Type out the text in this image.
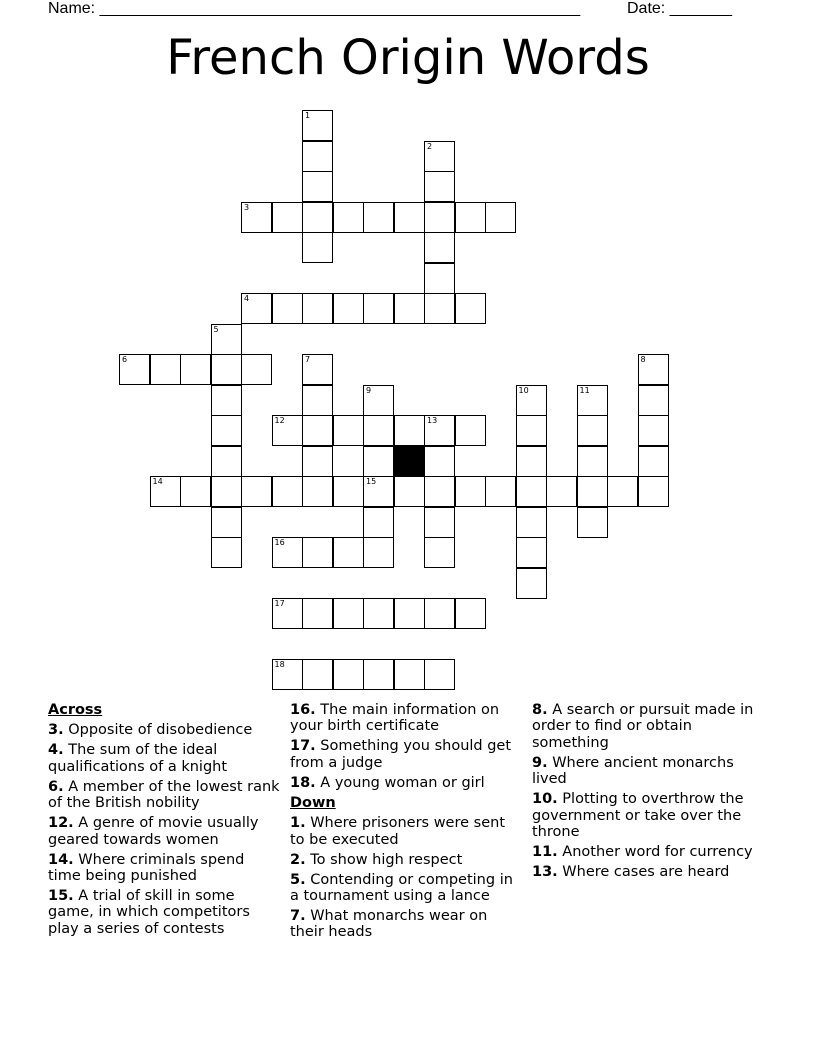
Name: ______________________________________________________	Date: _______
French Origin Words
3
4
6
12	13
14	15
16
17
18
1
2
5
7	8
9	10	11
Across
3. Opposite of disobedience
4. The sum of the ideal qualifications of a knight
6. A member of the lowest rank of the British nobility
12. A genre of movie usually geared towards women
14. Where criminals spend time being punished
15. A trial of skill in some game, in which competitors play a series of contests
16. The main information on your birth certificate
17. Something you should get from a judge
18. A young woman or girl
Down
1. Where prisoners were sent to be executed
2. To show high respect
5. Contending or competing in a tournament using a lance
7. What monarchs wear on their heads
8. A search or pursuit made in order to find or obtain something
9. Where ancient monarchs lived
10. Plotting to overthrow the government or take over the throne
11. Another word for currency
13. Where cases are heard
